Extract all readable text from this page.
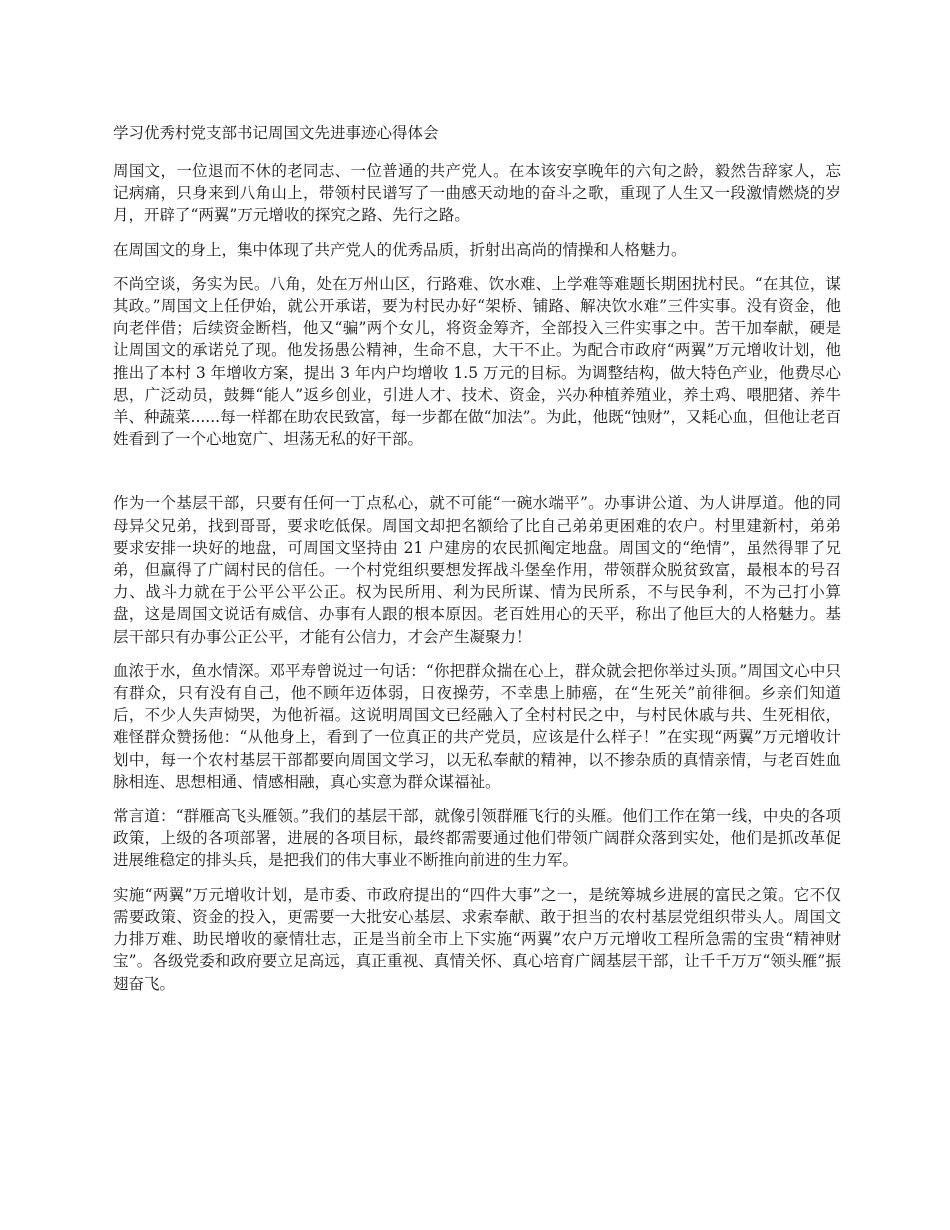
学习优秀村党支部书记周国文先进事迹心得体会

周国文，一位退而不休的老同志、一位普通的共产党人。在本该安享晚年的六旬之龄，毅然告辞家人，忘记病痛，只身来到八角山上，带领村民谱写了一曲感天动地的奋斗之歌，重现了人生又一段激情燃烧的岁月，开辟了“两翼”万元增收的探究之路、先行之路。

在周国文的身上，集中体现了共产党人的优秀品质，折射出高尚的情操和人格魅力。

不尚空谈，务实为民。八角，处在万州山区，行路难、饮水难、上学难等难题长期困扰村民。“在其位，谋其政。”周国文上任伊始，就公开承诺，要为村民办好“架桥、铺路、解决饮水难”三件实事。没有资金，他向老伴借；后续资金断档，他又“骗”两个女儿，将资金筹齐，全部投入三件实事之中。苦干加奉献，硬是让周国文的承诺兑了现。他发扬愚公精神，生命不息，大干不止。为配合市政府“两翼”万元增收计划，他推出了本村 3 年增收方案，提出 3 年内户均增收 1.5 万元的目标。为调整结构，做大特色产业，他费尽心思，广泛动员，鼓舞“能人”返乡创业，引进人才、技术、资金，兴办种植养殖业，养土鸡、喂肥猪、养牛羊、种蔬菜......每一样都在助农民致富，每一步都在做“加法”。为此，他既“蚀财”，又耗心血，但他让老百姓看到了一个心地宽广、坦荡无私的好干部。

作为一个基层干部，只要有任何一丁点私心，就不可能“一碗水端平”。办事讲公道、为人讲厚道。他的同母异父兄弟，找到哥哥，要求吃低保。周国文却把名额给了比自己弟弟更困难的农户。村里建新村，弟弟要求安排一块好的地盘，可周国文坚持由 21 户建房的农民抓阄定地盘。周国文的“绝情”，虽然得罪了兄弟，但赢得了广阔村民的信任。一个村党组织要想发挥战斗堡垒作用，带领群众脱贫致富，最根本的号召力、战斗力就在于公平公平公正。权为民所用、利为民所谋、情为民所系，不与民争利，不为己打小算盘，这是周国文说话有威信、办事有人跟的根本原因。老百姓用心的天平，称出了他巨大的人格魅力。基层干部只有办事公正公平，才能有公信力，才会产生凝聚力！

血浓于水，鱼水情深。邓平寿曾说过一句话：“你把群众揣在心上，群众就会把你举过头顶。”周国文心中只有群众，只有没有自己，他不顾年迈体弱，日夜操劳，不幸患上肺癌，在“生死关”前徘徊。乡亲们知道后，不少人失声恸哭，为他祈福。这说明周国文已经融入了全村村民之中，与村民休戚与共、生死相依，难怪群众赞扬他：“从他身上，看到了一位真正的共产党员，应该是什么样子！”在实现“两翼”万元增收计划中，每一个农村基层干部都要向周国文学习，以无私奉献的精神，以不掺杂质的真情亲情，与老百姓血脉相连、思想相通、情感相融，真心实意为群众谋福祉。

常言道：“群雁高飞头雁领。”我们的基层干部，就像引领群雁飞行的头雁。他们工作在第一线，中央的各项政策，上级的各项部署，进展的各项目标，最终都需要通过他们带领广阔群众落到实处，他们是抓改革促进展维稳定的排头兵，是把我们的伟大事业不断推向前进的生力军。

实施“两翼”万元增收计划，是市委、市政府提出的“四件大事”之一，是统筹城乡进展的富民之策。它不仅需要政策、资金的投入，更需要一大批安心基层、求索奉献、敢于担当的农村基层党组织带头人。周国文力排万难、助民增收的豪情壮志，正是当前全市上下实施“两翼”农户万元增收工程所急需的宝贵“精神财宝”。各级党委和政府要立足高远，真正重视、真情关怀、真心培育广阔基层干部，让千千万万“领头雁”振翅奋飞。
